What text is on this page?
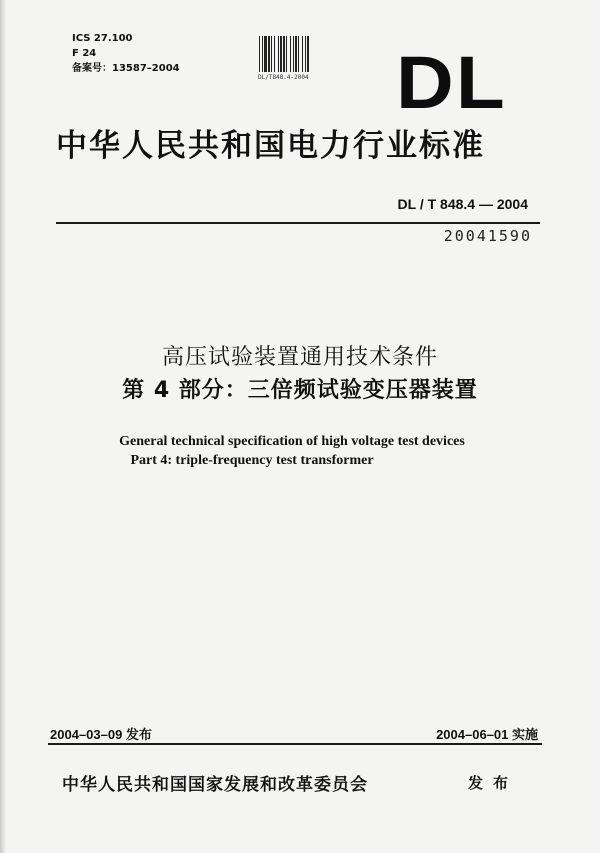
ICS 27.100
F 24
备案号：13587–2004
DL/T848.4-2004 DL
中华人民共和国电力行业标准
DL / T 848.4 — 2004
20041590
高压试验装置通用技术条件
第 4 部分：三倍频试验变压器装置
General technical specification of high voltage test devices
Part 4: triple-frequency test transformer
2004–03–09 发布	2004–06–01 实施
中华人民共和国国家发展和改革委员会	发布
